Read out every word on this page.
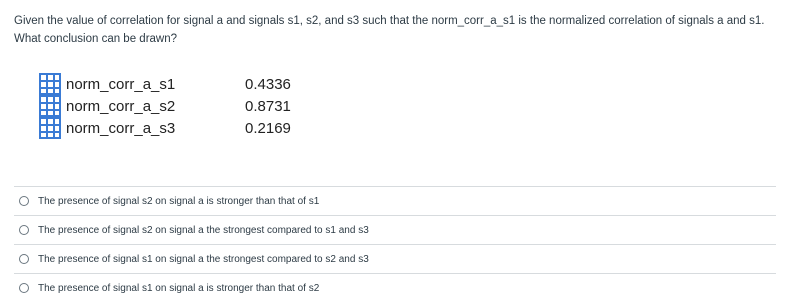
Given the value of correlation for signal a and signals s1, s2, and s3 such that the norm_corr_a_s1 is the normalized correlation of signals a and s1. What conclusion can be drawn?
norm_corr_a_s1	0.4336
norm_corr_a_s2	0.8731
norm_corr_a_s3	0.2169
The presence of signal s2 on signal a is stronger than that of s1
The presence of signal s2 on signal a the strongest compared to s1 and s3
The presence of signal s1 on signal a the strongest compared to s2 and s3
The presence of signal s1 on signal a is stronger than that of s2
